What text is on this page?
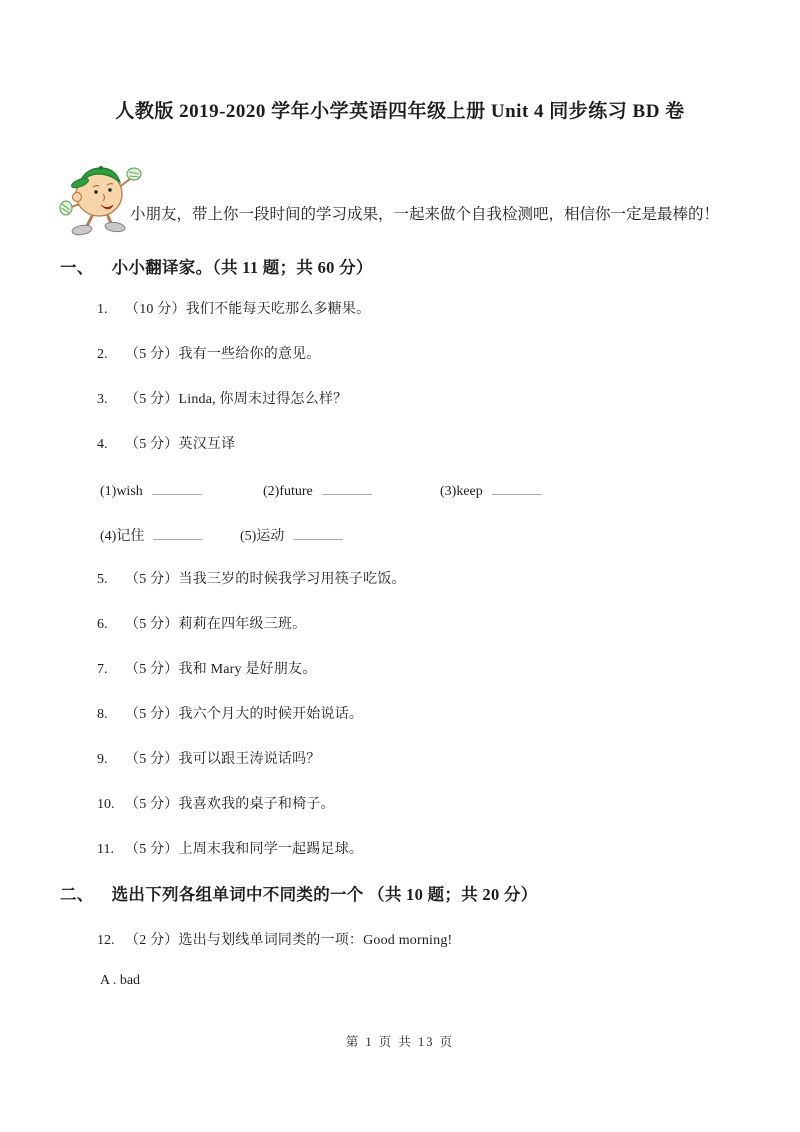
人教版 2019-2020 学年小学英语四年级上册 Unit 4 同步练习 BD 卷
小朋友，带上你一段时间的学习成果，一起来做个自我检测吧，相信你一定是最棒的！
一、 小小翻译家。（共 11 题；共 60 分）
1.	（10 分）我们不能每天吃那么多糖果。
2.	（5 分）我有一些给你的意见。
3.	（5 分）Linda, 你周末过得怎么样？
4.	（5 分）英汉互译
(1)wish	(2)future	(3)keep
(4)记住	(5)运动
5.	（5 分）当我三岁的时候我学习用筷子吃饭。
6.	（5 分）莉莉在四年级三班。
7.	（5 分）我和 Mary 是好朋友。
8.	（5 分）我六个月大的时候开始说话。
9.	（5 分）我可以跟王涛说话吗？
10. （5 分）我喜欢我的桌子和椅子。
11. （5 分）上周末我和同学一起踢足球。
二、 选出下列各组单词中不同类的一个 （共 10 题；共 20 分）
12. （2 分）选出与划线单词同类的一项：Good morning!
A . bad
第 1 页 共 13 页
